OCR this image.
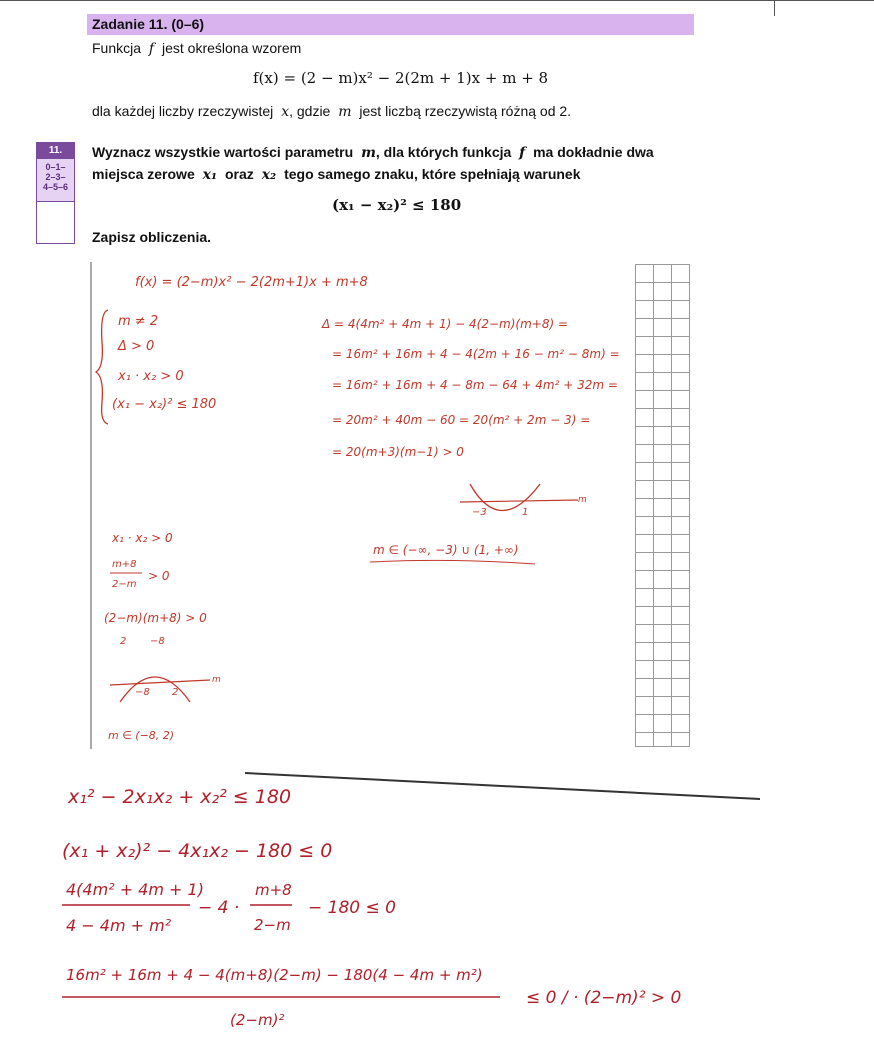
Zadanie 11. (0–6)
Funkcja f jest określona wzorem
f(x) = (2 − m)x² − 2(2m + 1)x + m + 8
dla każdej liczby rzeczywistej x, gdzie m jest liczbą rzeczywistą różną od 2.
11.
0–1–
2–3–
4–5–6
Wyznacz wszystkie wartości parametru m, dla których funkcja f ma dokładnie dwa
miejsca zerowe x₁ oraz x₂ tego samego znaku, które spełniają warunek
(x₁ − x₂)² ≤ 180
Zapisz obliczenia.
f(x) = (2−m)x² − 2(2m+1)x + m+8
m ≠ 2
Δ > 0
x₁ · x₂ > 0
(x₁ − x₂)² ≤ 180
Δ = 4(4m² + 4m + 1) − 4(2−m)(m+8) =
= 16m² + 16m + 4 − 4(2m + 16 − m² − 8m) =
= 16m² + 16m + 4 − 8m − 64 + 4m² + 32m =
= 20m² + 40m − 60 = 20(m² + 2m − 3) =
= 20(m+3)(m−1) > 0
−3	1
m
m ∈ (−∞, −3) ∪ (1, +∞)
x₁ · x₂ > 0
m+8
2−m
> 0
(2−m)(m+8) > 0
2 −8
−8 2
m
m ∈ (−8, 2)
x₁² − 2x₁x₂ + x₂² ≤ 180
(x₁ + x₂)² − 4x₁x₂ − 180 ≤ 0
4(4m² + 4m + 1)
4 − 4m + m²
− 4 ·
m+8
2−m
− 180 ≤ 0
16m² + 16m + 4 − 4(m+8)(2−m) − 180(4 − 4m + m²)
(2−m)²
≤ 0 / · (2−m)² > 0
